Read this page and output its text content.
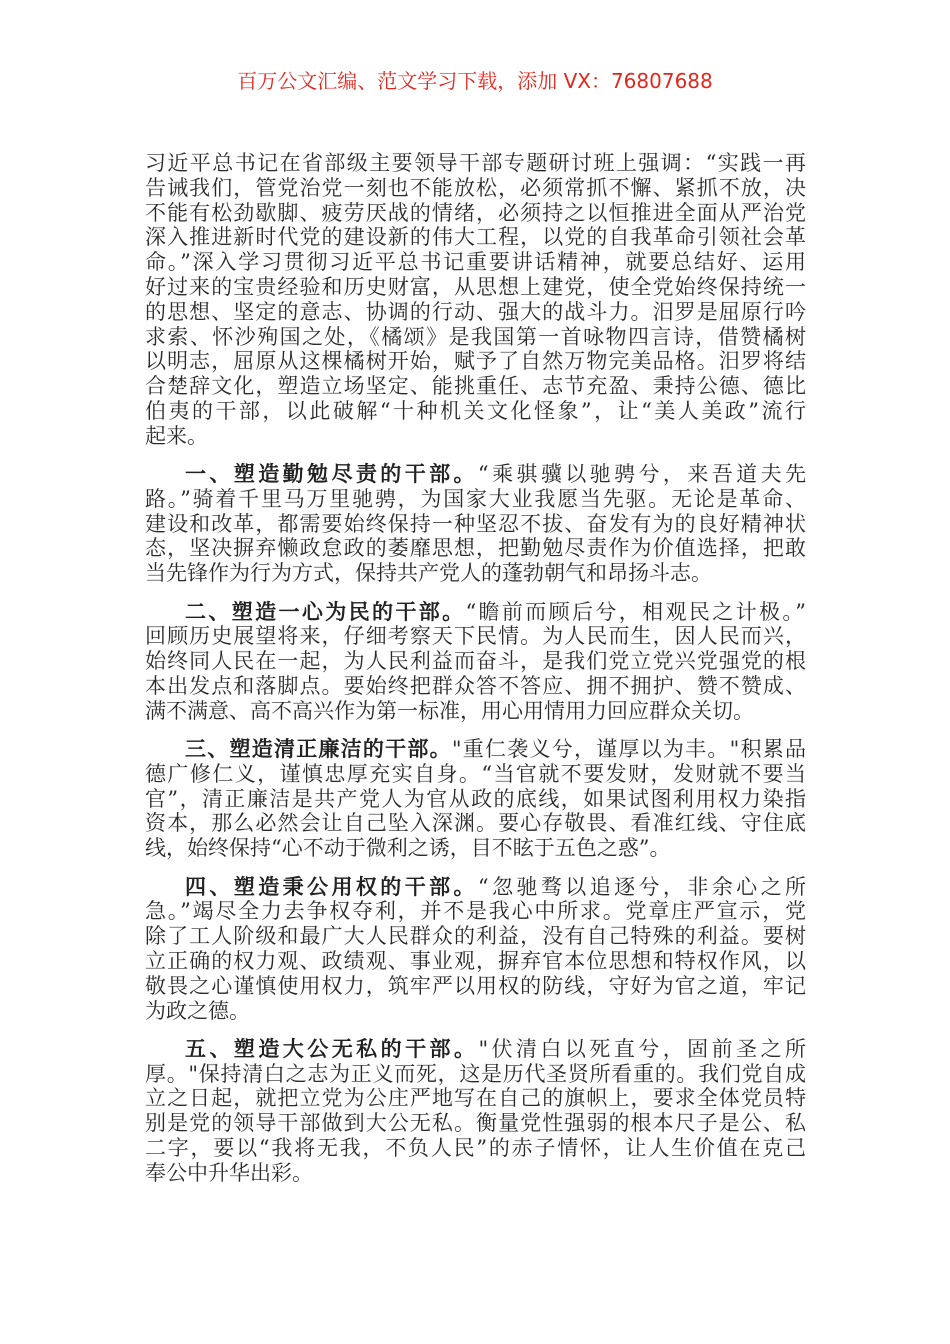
百万公文汇编、范文学习下载，添加 VX：76807688
习近平总书记在省部级主要领导干部专题研讨班上强调：“实践一再
告诫我们，管党治党一刻也不能放松，必须常抓不懈、紧抓不放，决
不能有松劲歇脚、疲劳厌战的情绪，必须持之以恒推进全面从严治党
深入推进新时代党的建设新的伟大工程，以党的自我革命引领社会革
命。”深入学习贯彻习近平总书记重要讲话精神，就要总结好、运用
好过来的宝贵经验和历史财富，从思想上建党，使全党始终保持统一
的思想、坚定的意志、协调的行动、强大的战斗力。汨罗是屈原行吟
求索、怀沙殉国之处，《橘颂》是我国第一首咏物四言诗，借赞橘树
以明志，屈原从这棵橘树开始，赋予了自然万物完美品格。汨罗将结
合楚辞文化，塑造立场坚定、能挑重任、志节充盈、秉持公德、德比
伯夷的干部，以此破解“十种机关文化怪象”，让“美人美政”流行
起来。
一、塑造勤勉尽责的干部。“乘骐骥以驰骋兮，来吾道夫先
路。”骑着千里马万里驰骋，为国家大业我愿当先驱。无论是革命、
建设和改革，都需要始终保持一种坚忍不拔、奋发有为的良好精神状
态，坚决摒弃懒政怠政的萎靡思想，把勤勉尽责作为价值选择，把敢
当先锋作为行为方式，保持共产党人的蓬勃朝气和昂扬斗志。
二、塑造一心为民的干部。“瞻前而顾后兮，相观民之计极。”
回顾历史展望将来，仔细考察天下民情。为人民而生，因人民而兴，
始终同人民在一起，为人民利益而奋斗，是我们党立党兴党强党的根
本出发点和落脚点。要始终把群众答不答应、拥不拥护、赞不赞成、
满不满意、高不高兴作为第一标准，用心用情用力回应群众关切。
三、塑造清正廉洁的干部。"重仁袭义兮，谨厚以为丰。"积累品
德广修仁义，谨慎忠厚充实自身。“当官就不要发财，发财就不要当
官”，清正廉洁是共产党人为官从政的底线，如果试图利用权力染指
资本，那么必然会让自己坠入深渊。要心存敬畏、看准红线、守住底
线，始终保持“心不动于微利之诱，目不眩于五色之惑”。
四、塑造秉公用权的干部。“忽驰骛以追逐兮，非余心之所
急。”竭尽全力去争权夺利，并不是我心中所求。党章庄严宣示，党
除了工人阶级和最广大人民群众的利益，没有自己特殊的利益。要树
立正确的权力观、政绩观、事业观，摒弃官本位思想和特权作风，以
敬畏之心谨慎使用权力，筑牢严以用权的防线，守好为官之道，牢记
为政之德。
五、塑造大公无私的干部。"伏清白以死直兮，固前圣之所
厚。"保持清白之志为正义而死，这是历代圣贤所看重的。我们党自成
立之日起，就把立党为公庄严地写在自己的旗帜上，要求全体党员特
别是党的领导干部做到大公无私。衡量党性强弱的根本尺子是公、私
二字，要以“我将无我，不负人民”的赤子情怀，让人生价值在克己
奉公中升华出彩。
